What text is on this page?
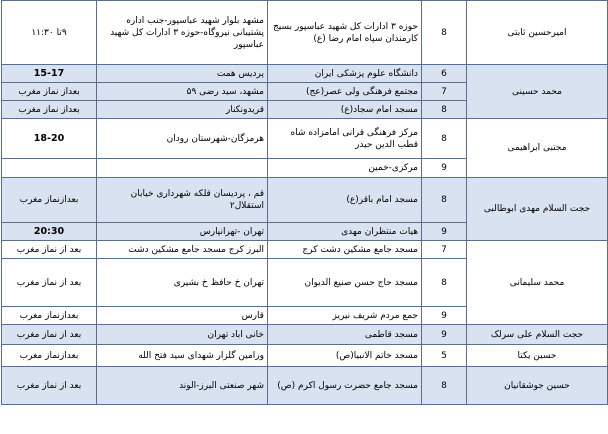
۹تا ۱۱:۳۰	مشهد بلوار شهید عباسپور-جنب اداره پشتیبانی نیروگاه-حوزه ۳ ادارات کل شهید عباسپور	حوزه ۳ ادارات کل شهید عباسپور بسیج کارمندان سپاه امام رضا (ع)	8	امیرحسین ثابتی
15-17	پردیس همت	دانشگاه علوم پزشکی ایران	6	محمد حسینی
بعداز نماز مغرب	مشهد، سید رضی ۵۹	مجتمع فرهنگی ولی عصر(عج)	7	
بعداز نماز مغرب	قریدونکنار	مسجد امام سجاد(ع)	8	
18-20	هرمزگان-شهرستان رودان	مرکز فرهنگی قرانی امامزاده شاه قطب الدین حیدر	8	مجتبی ابراهیمی
		مرکزی-خمین	9	
بعدازنماز مغرب	قم ، پردیسان قلکه شهرداری خیابان استقلال۲	مسجد امام باقر(ع)	8	حجت السلام مهدی ابوطالبی
20:30	تهران -تهرانپارس	هیات منتظران مهدی	9	
بعد از نماز مغرب	البرز کرج مسجد جامع مشکین دشت	مسجد جامع مشکین دشت کرج	7	محمد سلیمانی
بعد از نماز مغرب	تهران خ حافظ خ بشیری	مسجد حاج حسن صنیع الدیوان	8	
بعدازنماز مغرب	قارس	جمع مردم شریف نیریز	9	
بعد از نماز مغرب	خانی اباد تهران	مسجد قاطمی	9	حجت السلام علی سرلک
بعدازنماز مغرب	ورامین گلزار شهدای سید فتح الله	مسجد خاتم الانبیا(ص)	5	حسین یکتا
بعد از نماز مغرب	شهر صنعتی البرز-الوند	مسجد جامع حضرت رسول اکرم (ص)	8	حسین جوشقانیان
